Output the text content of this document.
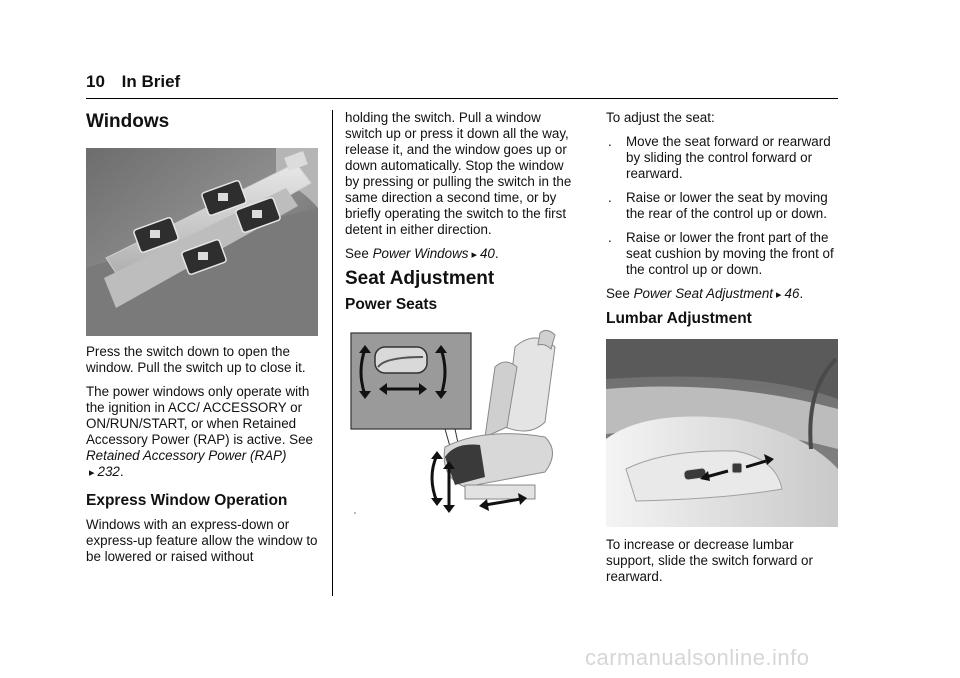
10 In Brief
Windows

Press the switch down to open the window. Pull the switch up to close it.

The power windows only operate with the ignition in ACC/ ACCESSORY or ON/RUN/START, or when Retained Accessory Power (RAP) is active. See
Retained Accessory Power (RAP)
▸ 232.

Express Window Operation

Windows with an express-down or express-up feature allow the window to be lowered or raised without

holding the switch. Pull a window switch up or press it down all the way, release it, and the window goes up or down automatically. Stop the window by pressing or pulling the switch in the same direction a second time, or by briefly operating the switch to the first detent in either direction.

See Power Windows ▸ 40.

Seat Adjustment
Power Seats

To adjust the seat:

. Move the seat forward or rearward by sliding the control forward or rearward.
. Raise or lower the seat by moving the rear of the control up or down.
. Raise or lower the front part of the seat cushion by moving the front of the control up or down.

See Power Seat Adjustment ▸ 46.

Lumbar Adjustment

To increase or decrease lumbar support, slide the switch forward or rearward.

carmanualsonline.info
